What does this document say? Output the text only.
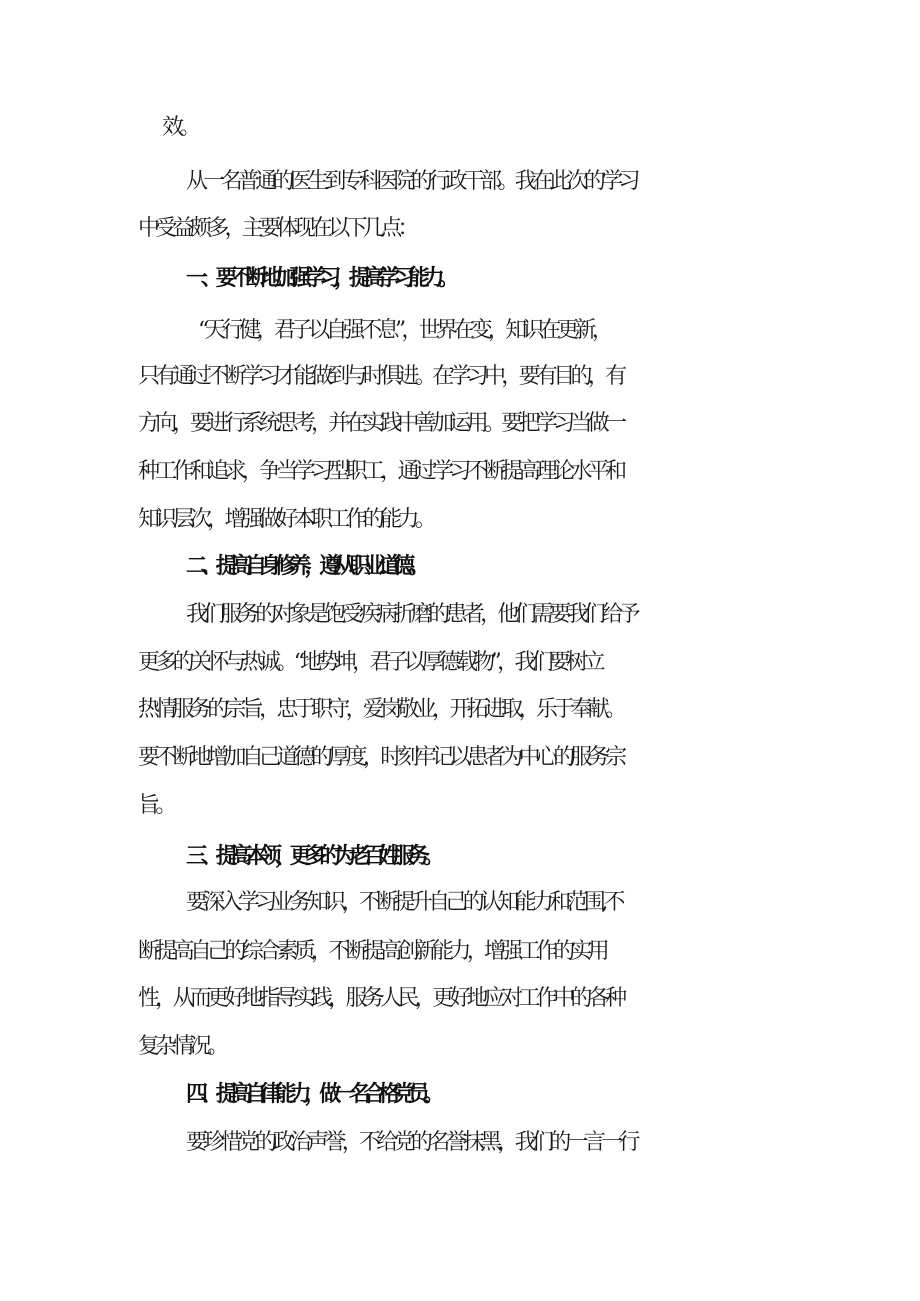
效。
从一名普通的医生到专科医院的行政干部。我在此次的学习
中受益颇多，主要体现在以下几点：
一、要不断地加强学习，提高学习能力。
“天行健，君子以自强不息”，世界在变，知识在更新，
只有通过不断学习才能做到与时俱进。在学习中，要有目的，有
方向，要进行系统思考，并在实践中善加运用。要把学习当做一
种工作和追求，争当学习型职工，通过学习不断提高理论水平和
知识层次，增强做好本职工作的能力。
二、提高自身修养，遵从职业道德。
我们服务的对象是饱受疾病折磨的患者，他们需要我们给予
更多的关怀与热诚。“地势坤，君子以厚德载物”，我们要树立
热情服务的宗旨，忠于职守，爱岗敬业，开拓进取，乐于奉献。
要不断地增加自己道德的厚度，时刻牢记以患者为中心的服务宗
旨。
三、提高本领，更多的为老百姓服务。
要深入学习业务知识，不断提升自己的认知能力和范围,不
断提高自己的综合素质，不断提高创新能力，增强工作的实用
性，从而更好地指导实践，服务人民，更好地应对工作中的各种
复杂情况。
四、提高自律能力，做一名合格党员。
要珍惜党的政治声誉，不给党的名誉抹黑，我们的一言一行
